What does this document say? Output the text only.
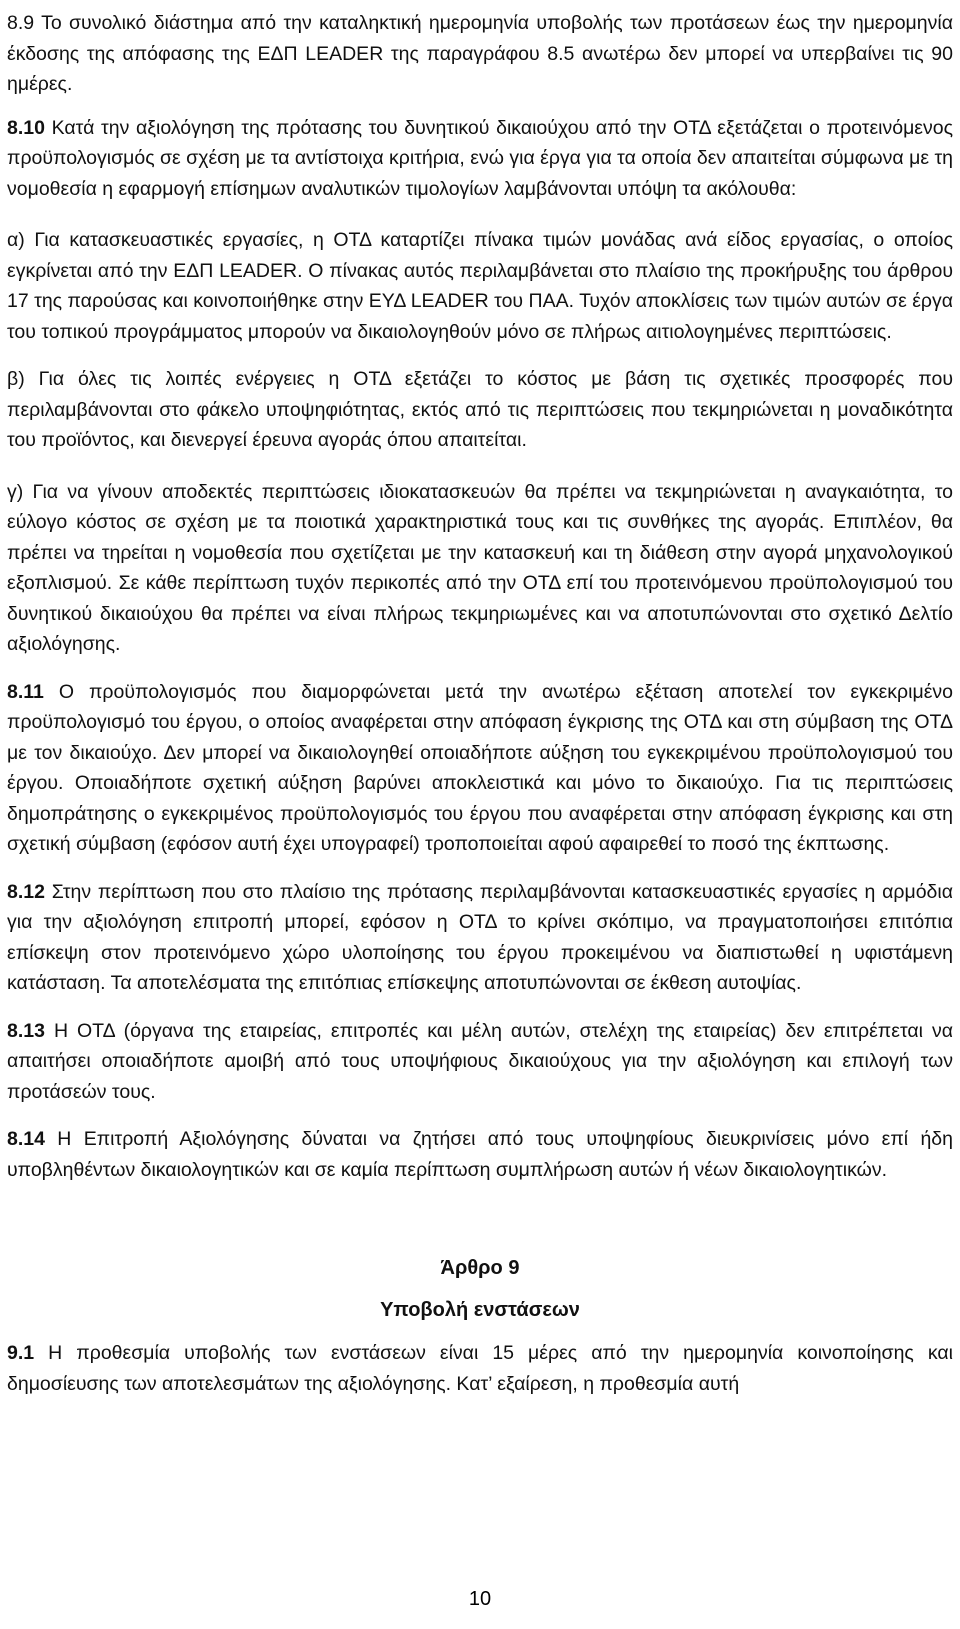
8.9 Το συνολικό διάστημα από την καταληκτική ημερομηνία υποβολής των προτάσεων έως την ημερομηνία έκδοσης της απόφασης της ΕΔΠ LEADER της παραγράφου 8.5 ανωτέρω δεν μπορεί να υπερβαίνει τις 90 ημέρες.

8.10 Κατά την αξιολόγηση της πρότασης του δυνητικού δικαιούχου από την ΟΤΔ εξετάζεται ο προτεινόμενος προϋπολογισμός σε σχέση με τα αντίστοιχα κριτήρια, ενώ για έργα για τα οποία δεν απαιτείται σύμφωνα με τη νομοθεσία η εφαρμογή επίσημων αναλυτικών τιμολογίων λαμβάνονται υπόψη τα ακόλουθα:

α) Για κατασκευαστικές εργασίες, η ΟΤΔ καταρτίζει πίνακα τιμών μονάδας ανά είδος εργασίας, ο οποίος εγκρίνεται από την ΕΔΠ LEADER. Ο πίνακας αυτός περιλαμβάνεται στο πλαίσιο της προκήρυξης του άρθρου 17 της παρούσας και κοινοποιήθηκε στην ΕΥΔ LEADER του ΠΑΑ. Τυχόν αποκλίσεις των τιμών αυτών σε έργα του τοπικού προγράμματος μπορούν να δικαιολογηθούν μόνο σε πλήρως αιτιολογημένες περιπτώσεις.

β) Για όλες τις λοιπές ενέργειες η ΟΤΔ εξετάζει το κόστος με βάση τις σχετικές προσφορές που περιλαμβάνονται στο φάκελο υποψηφιότητας, εκτός από τις περιπτώσεις που τεκμηριώνεται η μοναδικότητα του προϊόντος, και διενεργεί έρευνα αγοράς όπου απαιτείται.

γ) Για να γίνουν αποδεκτές περιπτώσεις ιδιοκατασκευών θα πρέπει να τεκμηριώνεται η αναγκαιότητα, το εύλογο κόστος σε σχέση με τα ποιοτικά χαρακτηριστικά τους και τις συνθήκες της αγοράς. Επιπλέον, θα πρέπει να τηρείται η νομοθεσία που σχετίζεται με την κατασκευή και τη διάθεση στην αγορά μηχανολογικού εξοπλισμού. Σε κάθε περίπτωση τυχόν περικοπές από την ΟΤΔ επί του προτεινόμενου προϋπολογισμού του δυνητικού δικαιούχου θα πρέπει να είναι πλήρως τεκμηριωμένες και να αποτυπώνονται στο σχετικό Δελτίο αξιολόγησης.

8.11 Ο προϋπολογισμός που διαμορφώνεται μετά την ανωτέρω εξέταση αποτελεί τον εγκεκριμένο προϋπολογισμό του έργου, ο οποίος αναφέρεται στην απόφαση έγκρισης της ΟΤΔ και στη σύμβαση της ΟΤΔ με τον δικαιούχο. Δεν μπορεί να δικαιολογηθεί οποιαδήποτε αύξηση του εγκεκριμένου προϋπολογισμού του έργου. Οποιαδήποτε σχετική αύξηση βαρύνει αποκλειστικά και μόνο το δικαιούχο. Για τις περιπτώσεις δημοπράτησης ο εγκεκριμένος προϋπολογισμός του έργου που αναφέρεται στην απόφαση έγκρισης και στη σχετική σύμβαση (εφόσον αυτή έχει υπογραφεί) τροποποιείται αφού αφαιρεθεί το ποσό της έκπτωσης.

8.12 Στην περίπτωση που στο πλαίσιο της πρότασης περιλαμβάνονται κατασκευαστικές εργασίες η αρμόδια για την αξιολόγηση επιτροπή μπορεί, εφόσον η ΟΤΔ το κρίνει σκόπιμο, να πραγματοποιήσει επιτόπια επίσκεψη στον προτεινόμενο χώρο υλοποίησης του έργου προκειμένου να διαπιστωθεί η υφιστάμενη κατάσταση. Τα αποτελέσματα της επιτόπιας επίσκεψης αποτυπώνονται σε έκθεση αυτοψίας.

8.13 Η ΟΤΔ (όργανα της εταιρείας, επιτροπές και μέλη αυτών, στελέχη της εταιρείας) δεν επιτρέπεται να απαιτήσει οποιαδήποτε αμοιβή από τους υποψήφιους δικαιούχους για την αξιολόγηση και επιλογή των προτάσεών τους.

8.14 Η Επιτροπή Αξιολόγησης δύναται να ζητήσει από τους υποψηφίους διευκρινίσεις μόνο επί ήδη υποβληθέντων δικαιολογητικών και σε καμία περίπτωση συμπλήρωση αυτών ή νέων δικαιολογητικών.

Άρθρο 9
Υποβολή ενστάσεων

9.1 Η προθεσμία υποβολής των ενστάσεων είναι 15 μέρες από την ημερομηνία κοινοποίησης και δημοσίευσης των αποτελεσμάτων της αξιολόγησης. Κατ’ εξαίρεση, η προθεσμία αυτή

10
